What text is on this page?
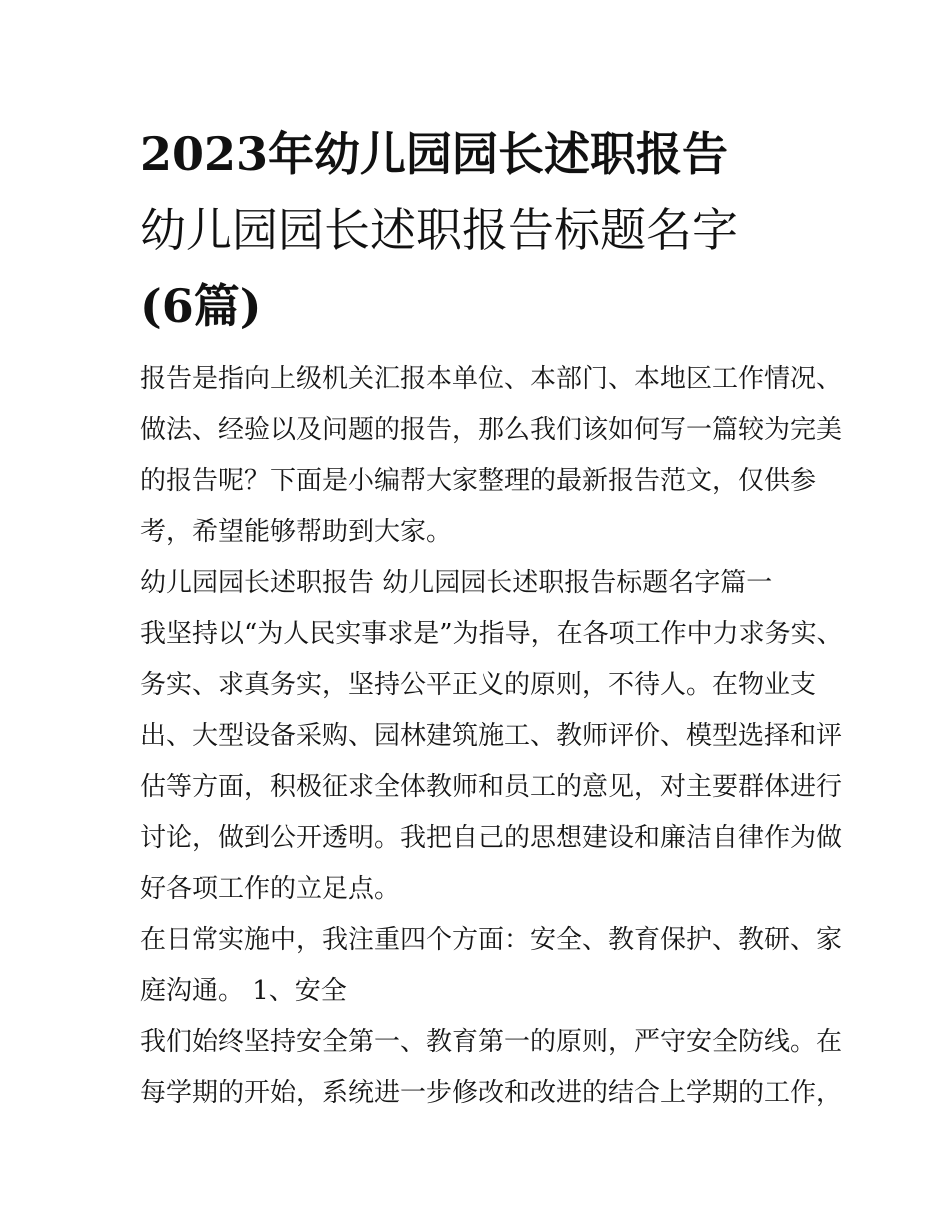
2023年幼儿园园长述职报告
幼儿园园长述职报告标题名字
(6篇)
报告是指向上级机关汇报本单位、本部门、本地区工作情况、
做法、经验以及问题的报告，那么我们该如何写一篇较为完美
的报告呢？下面是小编帮大家整理的最新报告范文，仅供参
考，希望能够帮助到大家。
幼儿园园长述职报告 幼儿园园长述职报告标题名字篇一
我坚持以“为人民实事求是”为指导，在各项工作中力求务实、
务实、求真务实，坚持公平正义的原则，不待人。在物业支
出、大型设备采购、园林建筑施工、教师评价、模型选择和评
估等方面，积极征求全体教师和员工的意见，对主要群体进行
讨论，做到公开透明。我把自己的思想建设和廉洁自律作为做
好各项工作的立足点。
在日常实施中，我注重四个方面：安全、教育保护、教研、家
庭沟通。 1、安全
我们始终坚持安全第一、教育第一的原则，严守安全防线。在
每学期的开始，系统进一步修改和改进的结合上学期的工作，
